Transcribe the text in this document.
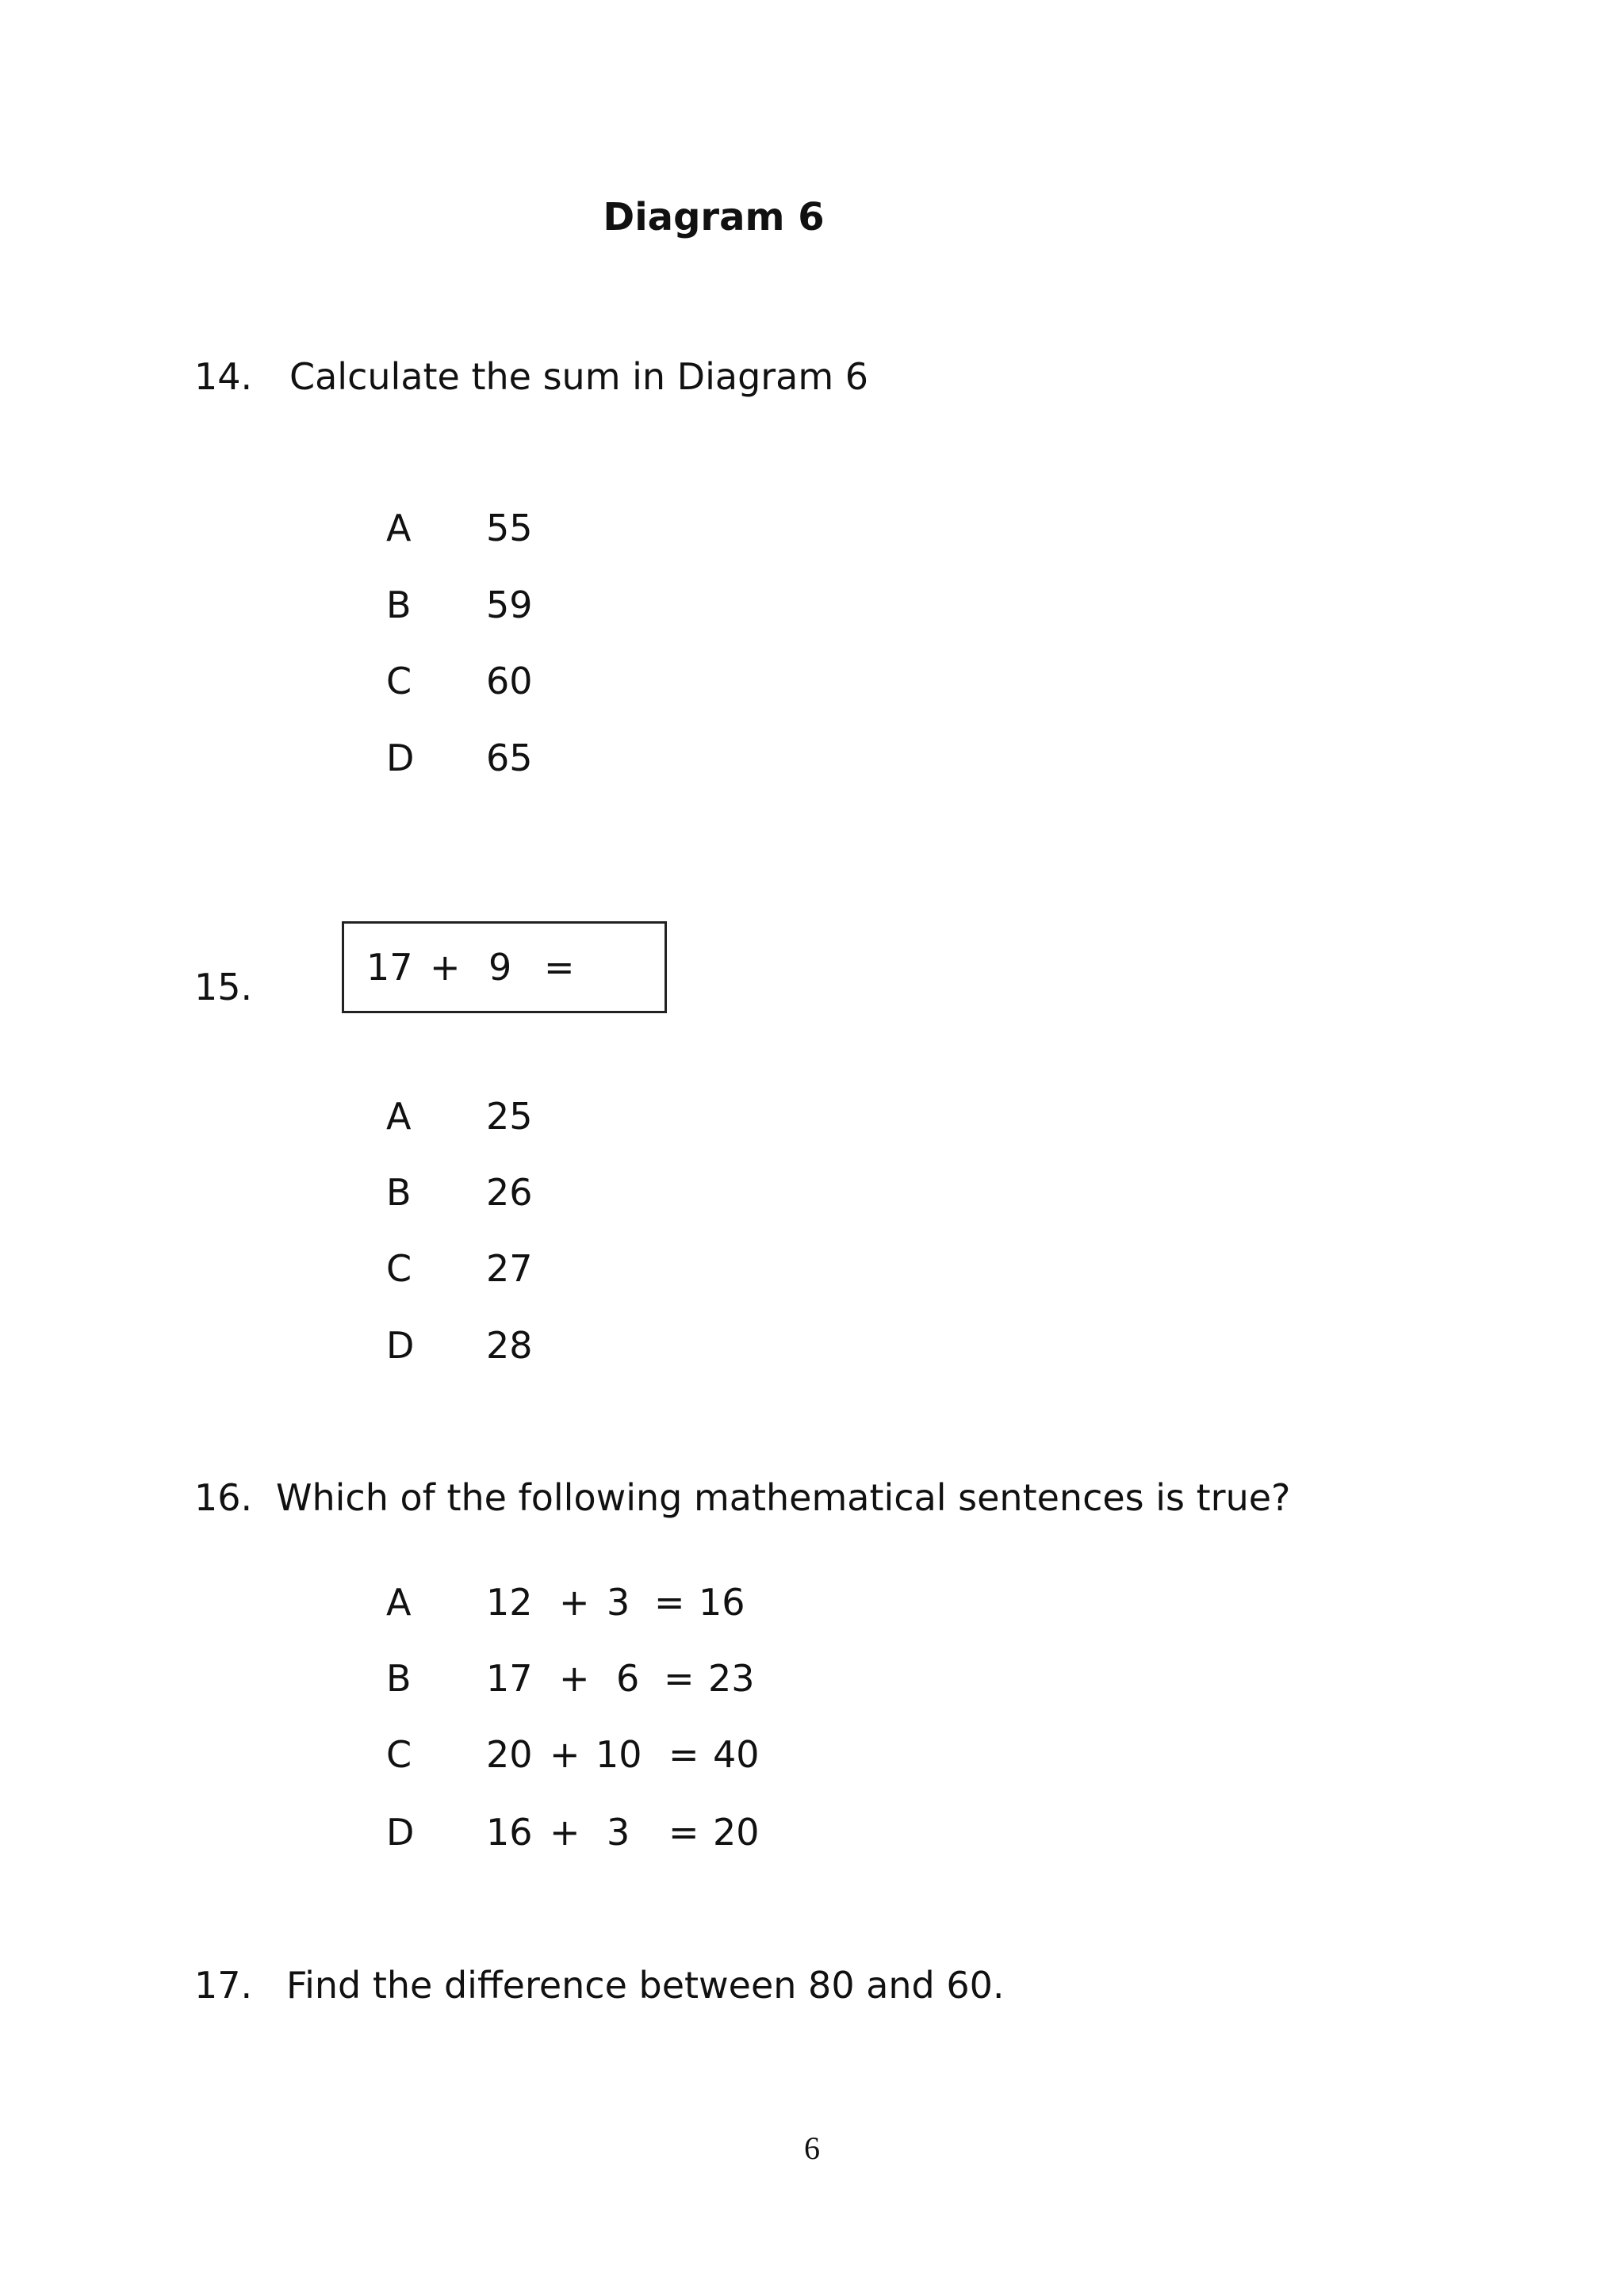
Diagram 6
14. Calculate the sum in Diagram 6
A 55
B 59
C 60
D 65
15.	17 + 9 =
A 25
B 26
C 27
D 28
16. Which of the following mathematical sentences is true?
A 12 + 3 = 16
B 17 + 6 = 23
C 20 + 10 = 40
D 16 + 3 = 20
17. Find the difference between 80 and 60.
6
